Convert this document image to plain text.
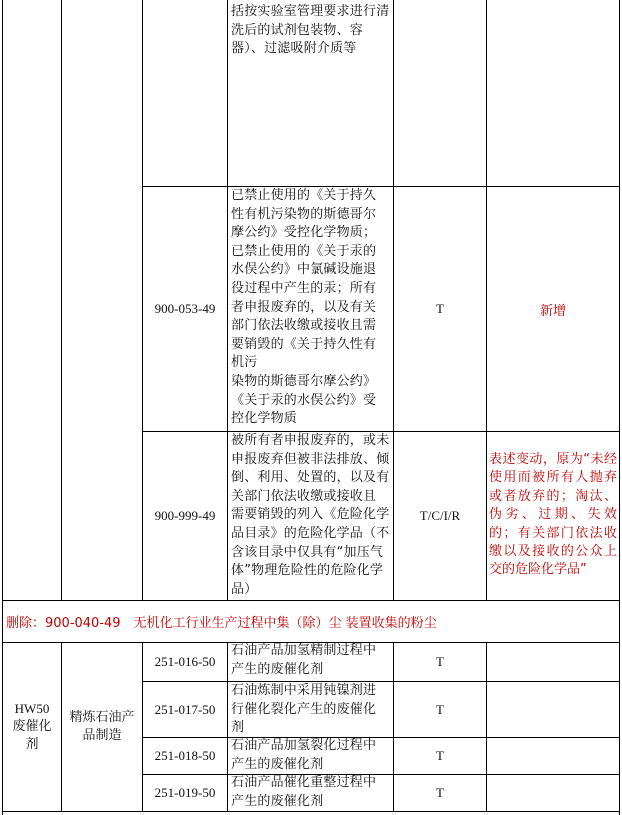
括按实验室管理要求进行清洗后的试剂包装物、容器）、过滤吸附介质等
900-053-49
已禁止使用的《关于持久
性有机污染物的斯德哥尔
摩公约》受控化学物质；
已禁止使用的《关于汞的
水俣公约》中氯碱设施退
役过程中产生的汞；所有
者申报废弃的，以及有关
部门依法收缴或接收且需
要销毁的《关于持久性有
机污
染物的斯德哥尔摩公约》
《关于汞的水俣公约》受
控化学物质
T	新增
900-999-49
被所有者申报废弃的，或未
申报废弃但被非法排放、倾
倒、利用、处置的，以及有
关部门依法收缴或接收且
需要销毁的列入《危险化学
品目录》的危险化学品（不
含该目录中仅具有“加压气
体”物理危险性的危险化学
品）
T/C/I/R
表述变动，原为“未经使用而被所有人抛弃或者放弃的；淘汰、伪劣、过期、失效的；有关部门依法收缴以及接收的公众上交的危险化学品”
删除：900-040-49　无机化工行业生产过程中集（除）尘 装置收集的粉尘
HW50
废催化
剂
精炼石油产
品制造
251-016-50
石油产品加氢精制过程中
产生的废催化剂
T
251-017-50
石油炼制中采用钝镍剂进
行催化裂化产生的废催化
剂
T
251-018-50
石油产品加氢裂化过程中
产生的废催化剂
T
251-019-50
石油产品催化重整过程中
产生的废催化剂
T
